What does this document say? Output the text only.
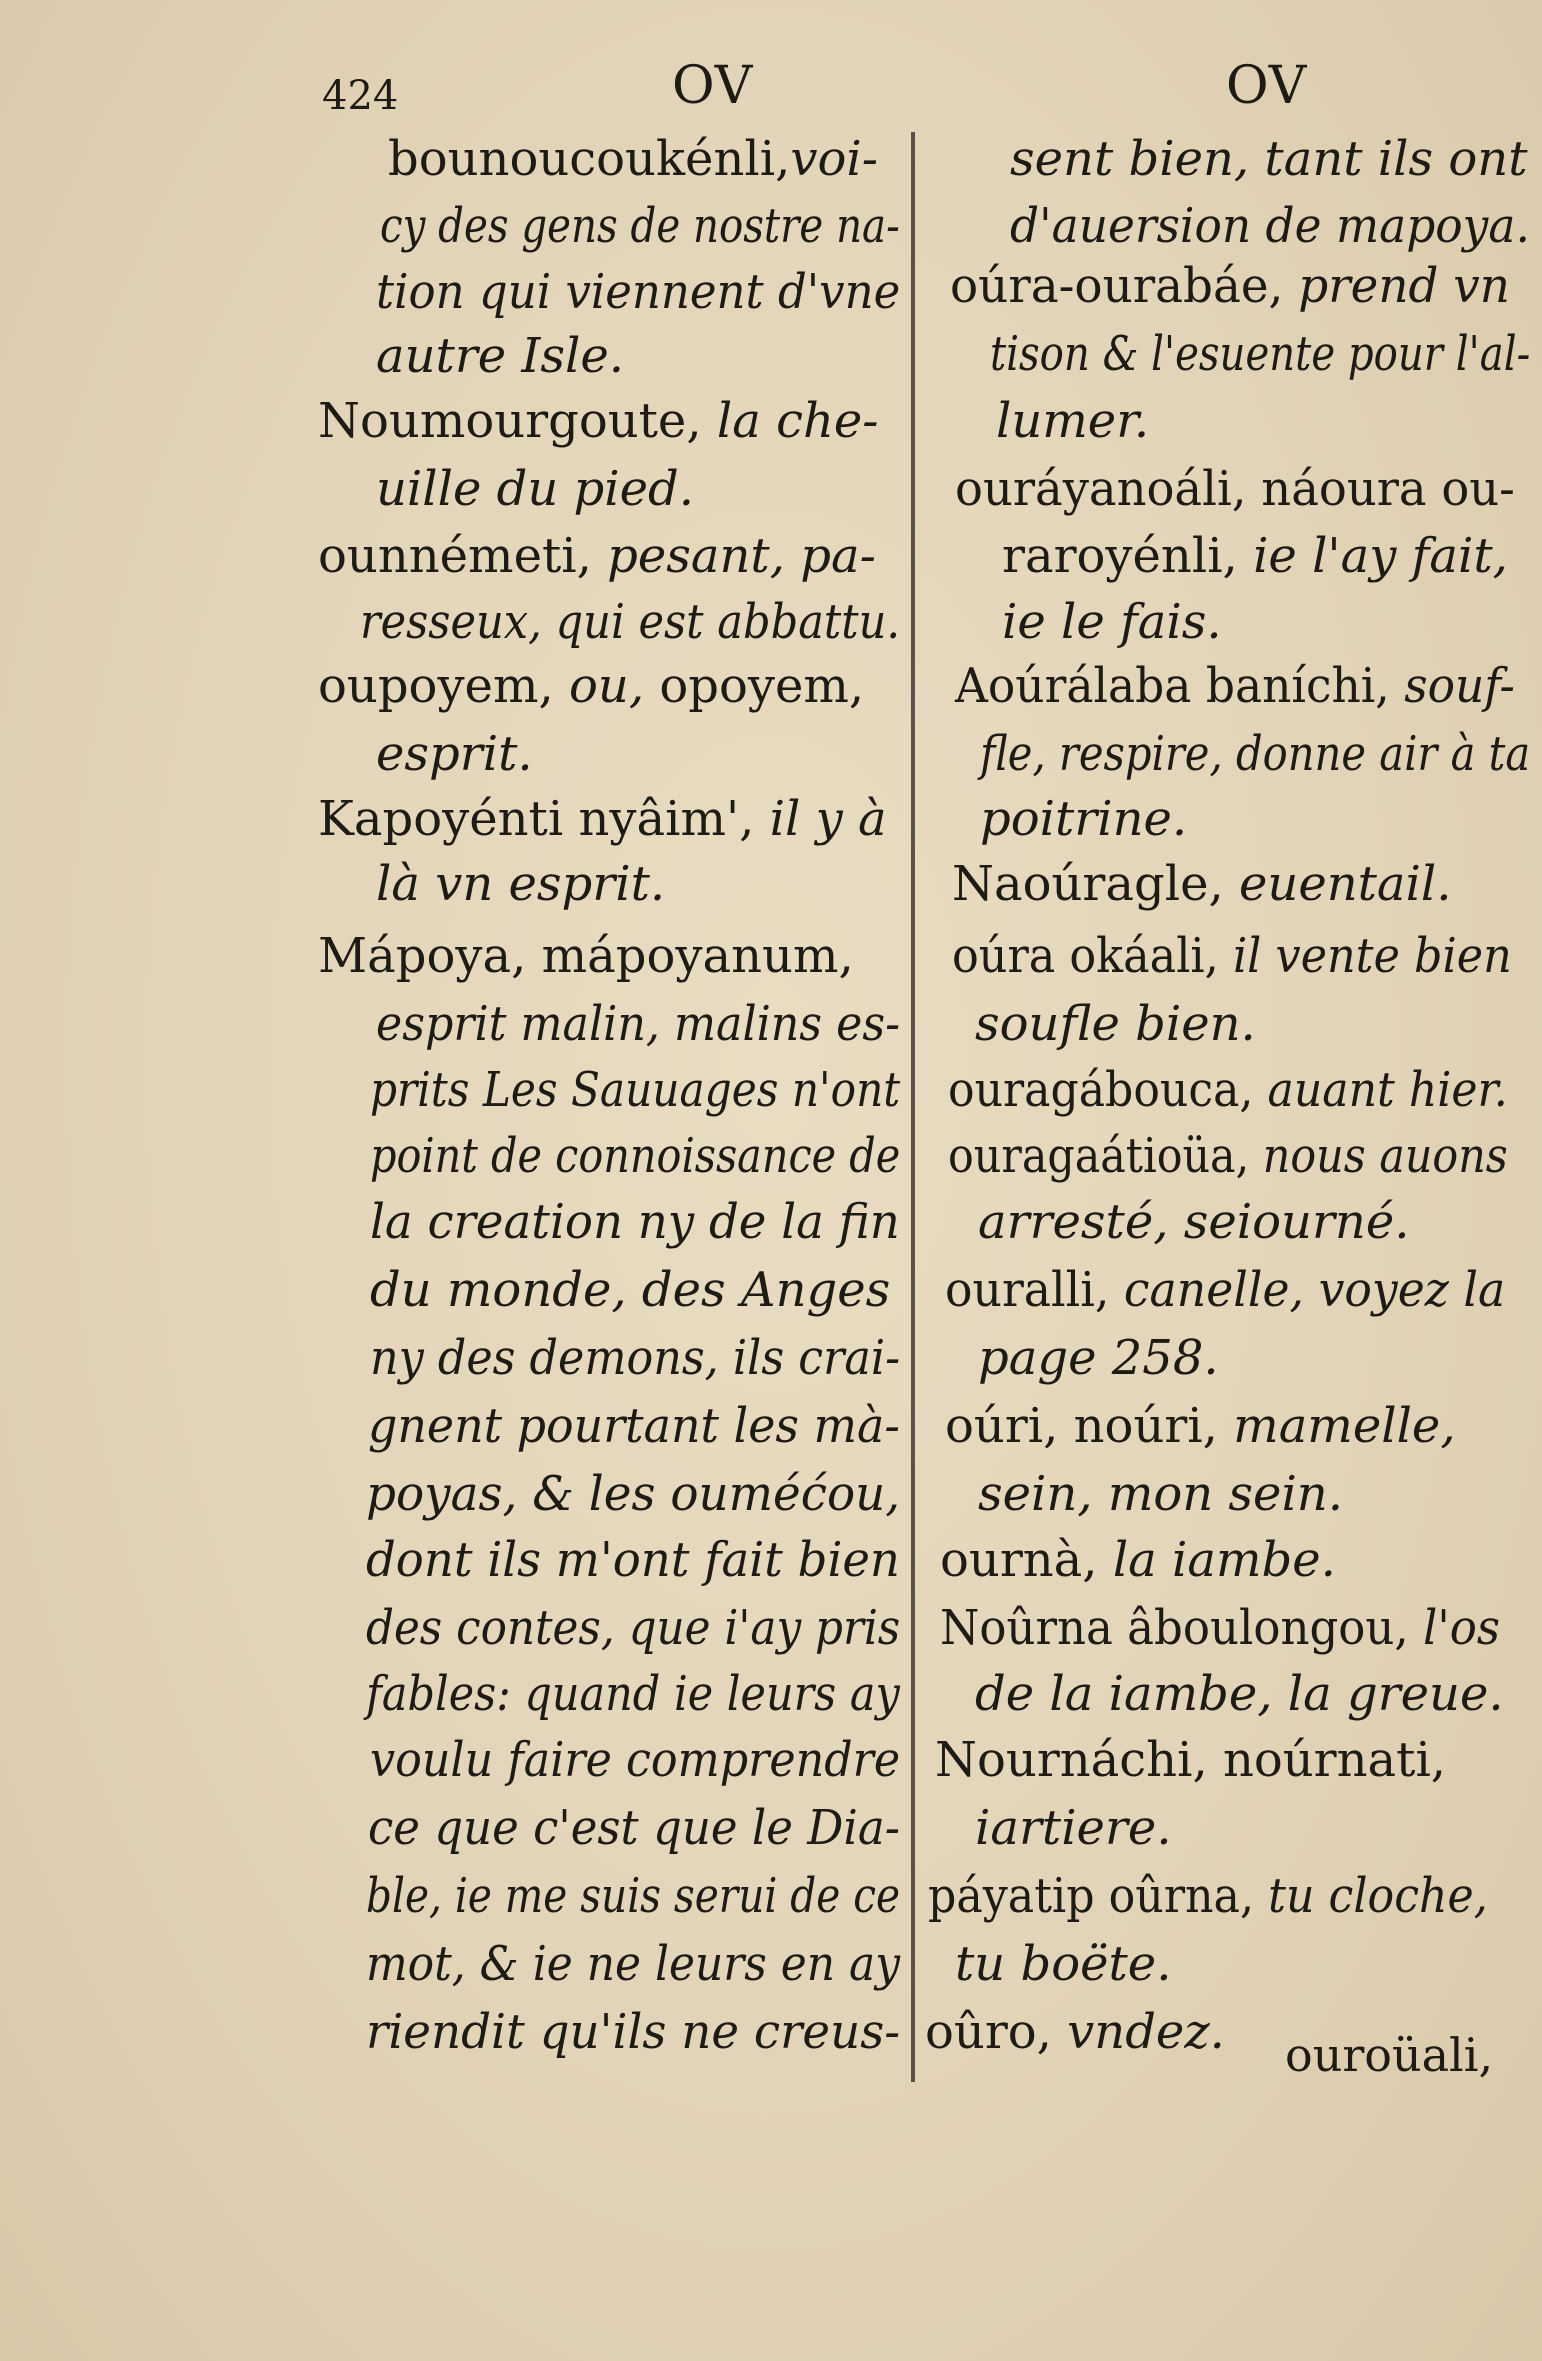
424	OV	OV
bounoucoukénli,voi-
cy des gens de nostre na-
tion qui viennent d'vne
autre Isle.
Noumourgoute, la che-
uille du pied.
ounnémeti, pesant, pa-
resseux, qui est abbattu.
oupoyem, ou, opoyem,
esprit.
Kapoyénti nyâim', il y à
là vn esprit.
Mápoya, mápoyanum,
esprit malin, malins es-
prits Les Sauuages n'ont
point de connoissance de
la creation ny de la fin
du monde, des Anges
ny des demons, ils crai-
gnent pourtant les mà-
poyas, & les ouméćou,
dont ils m'ont fait bien
des contes, que i'ay pris
fables: quand ie leurs ay
voulu faire comprendre
ce que c'est que le Dia-
ble, ie me suis serui de ce
mot, & ie ne leurs en ay
riendit qu'ils ne creus-
sent bien, tant ils ont
d'auersion de mapoya.
oúra-ourabáe, prend vn
tison & l'esuente pour l'al-
lumer.
ouráyanoáli, náoura ou-
raroyénli, ie l'ay fait,
ie le fais.
Aoúrálaba baníchi, souf-
fle, respire, donne air à ta
poitrine.
Naoúragle, euentail.
oúra okáali, il vente bien
soufle bien.
ouragábouca, auant hier.
ouragaátioüa, nous auons
arresté, seiourné.
ouralli, canelle, voyez la
page 258.
oúri, noúri, mamelle,
sein, mon sein.
ournà, la iambe.
Noûrna âboulongou, l'os
de la iambe, la greue.
Nournáchi, noúrnati,
iartiere.
páyatip oûrna, tu cloche,
tu boëte.
oûro, vndez. ouroüali,
